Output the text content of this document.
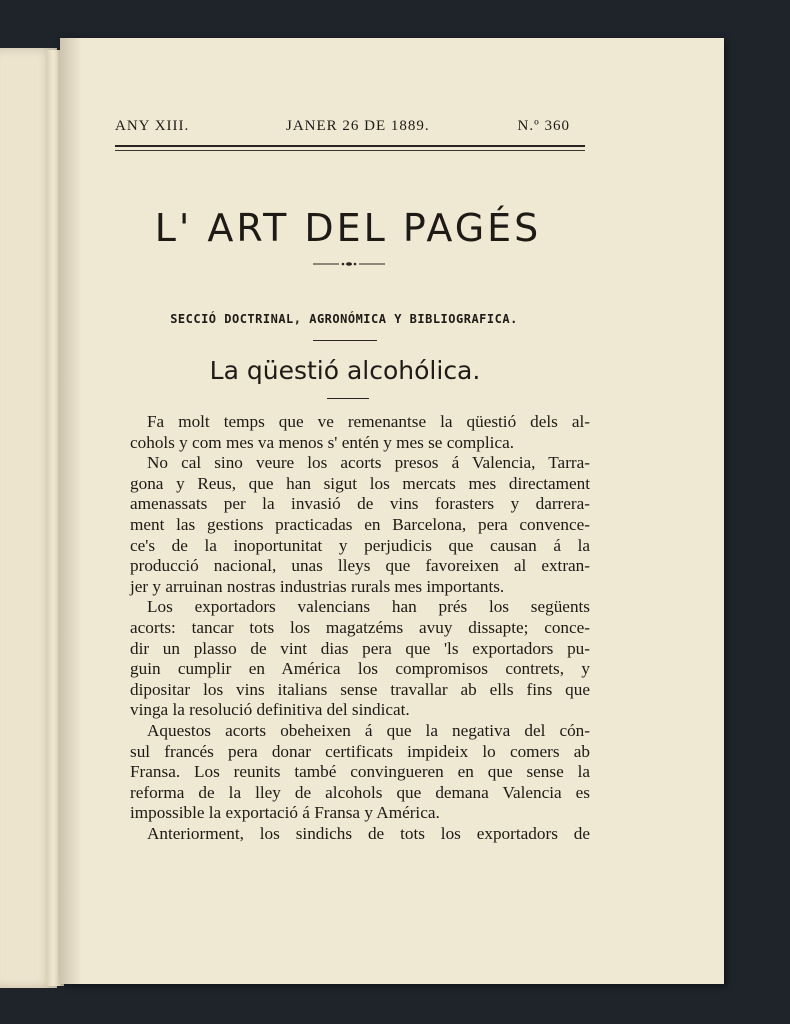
ANY XIII.	JANER 26 DE 1889.	N.º 360
L' ART DEL PAGÉS
SECCIÓ DOCTRINAL, AGRONÓMICA Y BIBLIOGRAFICA.
La qüestió alcohólica.
Fa molt temps que ve remenantse la qüestió dels al-
cohols y com mes va menos s' entén y mes se complica.
No cal sino veure los acorts presos á Valencia, Tarra-
gona y Reus, que han sigut los mercats mes directament
amenassats per la invasió de vins forasters y darrera-
ment las gestions practicadas en Barcelona, pera convence-
ce's de la inoportunitat y perjudicis que causan á la
producció nacional, unas lleys que favoreixen al extran-
jer y arruinan nostras industrias rurals mes importants.
Los exportadors valencians han prés los següents
acorts: tancar tots los magatzéms avuy dissapte; conce-
dir un plasso de vint dias pera que 'ls exportadors pu-
guin cumplir en América los compromisos contrets, y
dipositar los vins italians sense travallar ab ells fins que
vinga la resolució definitiva del sindicat.
Aquestos acorts obeheixen á que la negativa del cón-
sul francés pera donar certificats impideix lo comers ab
Fransa. Los reunits també convingueren en que sense la
reforma de la lley de alcohols que demana Valencia es
impossible la exportació á Fransa y América.
Anteriorment, los sindichs de tots los exportadors de
